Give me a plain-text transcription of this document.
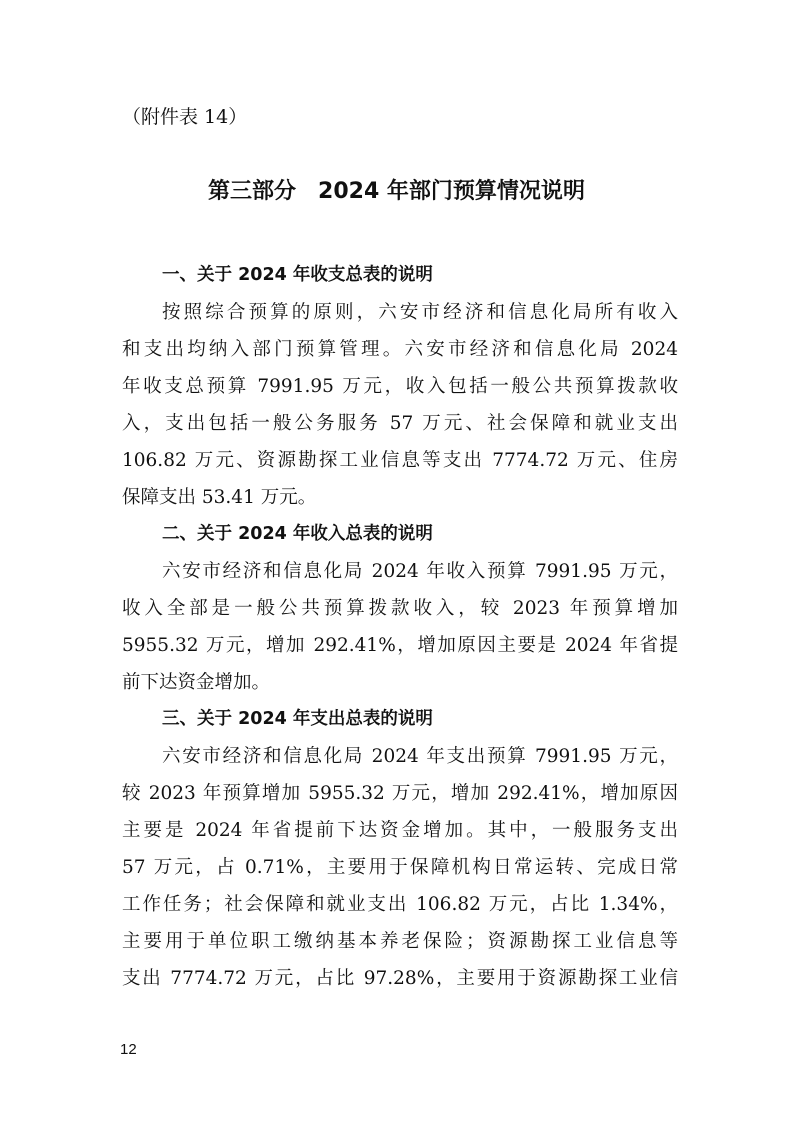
（附件表 14）
第三部分　2024 年部门预算情况说明
一、关于 2024 年收支总表的说明
按照综合预算的原则，六安市经济和信息化局所有收入
和支出均纳入部门预算管理。六安市经济和信息化局 2024
年收支总预算 7991.95 万元，收入包括一般公共预算拨款收
入，支出包括一般公务服务 57 万元、社会保障和就业支出
106.82 万元、资源勘探工业信息等支出 7774.72 万元、住房
保障支出 53.41 万元。
二、关于 2024 年收入总表的说明
六安市经济和信息化局 2024 年收入预算 7991.95 万元，
收入全部是一般公共预算拨款收入，较 2023 年预算增加
5955.32 万元，增加 292.41%，增加原因主要是 2024 年省提
前下达资金增加。
三、关于 2024 年支出总表的说明
六安市经济和信息化局 2024 年支出预算 7991.95 万元，
较 2023 年预算增加 5955.32 万元，增加 292.41%，增加原因
主要是 2024 年省提前下达资金增加。其中，一般服务支出
57 万元，占 0.71%，主要用于保障机构日常运转、完成日常
工作任务；社会保障和就业支出 106.82 万元，占比 1.34%，
主要用于单位职工缴纳基本养老保险；资源勘探工业信息等
支出 7774.72 万元，占比 97.28%，主要用于资源勘探工业信
12
